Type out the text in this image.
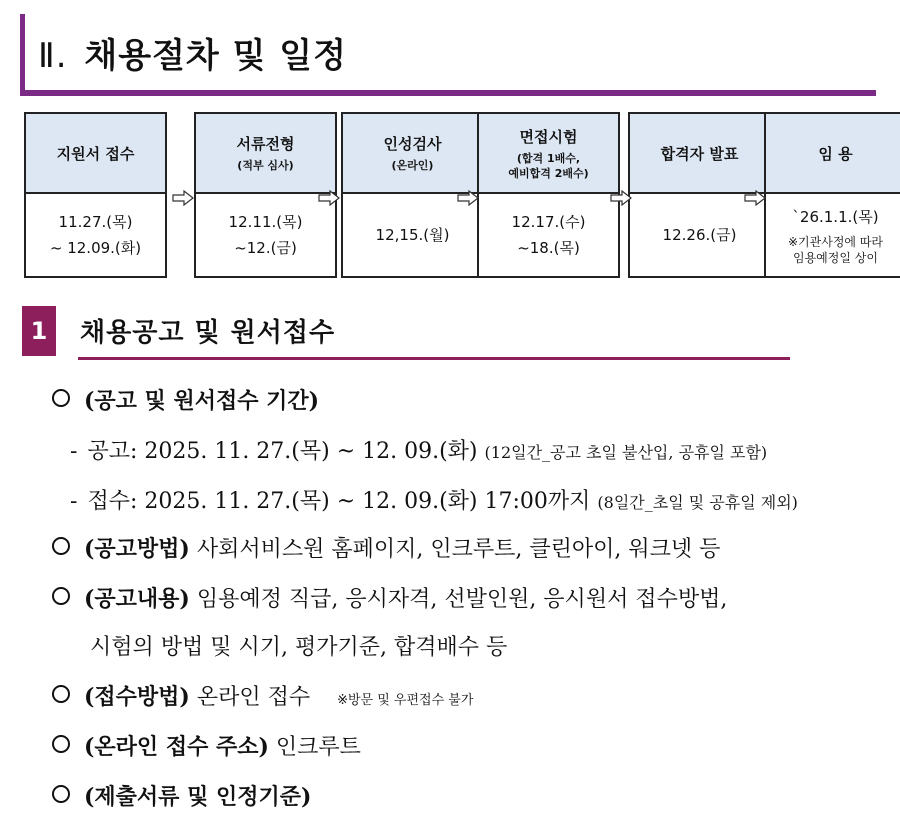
Ⅱ. 채용절차 및 일정
지원서 접수
11.27.(목)
~ 12.09.(화)
서류전형
(적부 심사)
12.11.(목)
~12.(금)
인성검사
(온라인)
12,15.(월)
면접시험
(합격 1배수,
예비합격 2배수)
12.17.(수)
~18.(목)
합격자 발표
12.26.(금)
임 용
`26.1.1.(목)
※기관사정에 따라
임용예정일 상이
1	채용공고 및 원서접수
(공고 및 원서접수 기간)
- 공고: 2025. 11. 27.(목) ~ 12. 09.(화) (12일간_공고 초일 불산입, 공휴일 포함)
- 접수: 2025. 11. 27.(목) ~ 12. 09.(화) 17:00까지 (8일간_초일 및 공휴일 제외)
(공고방법) 사회서비스원 홈페이지, 인크루트, 클린아이, 워크넷 등
(공고내용) 임용예정 직급, 응시자격, 선발인원, 응시원서 접수방법,
시험의 방법 및 시기, 평가기준, 합격배수 등
(접수방법) 온라인 접수 ※방문 및 우편접수 불가
(온라인 접수 주소) 인크루트
(제출서류 및 인정기준)
